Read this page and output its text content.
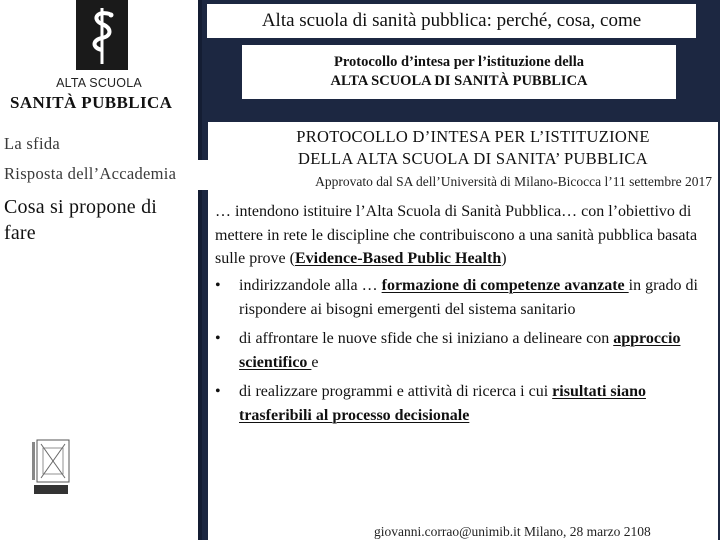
ALTA SCUOLA
SANITÀ PUBBLICA
Alta scuola di sanità pubblica: perché, cosa, come
Protocollo d’intesa per l’istituzione della
ALTA SCUOLA DI SANITÀ PUBBLICA
PROTOCOLLO D’INTESA PER L’ISTITUZIONE
DELLA ALTA SCUOLA DI SANITA’ PUBBLICA
Approvato dal SA dell’Università di Milano-Bicocca l’11 settembre 2017
… intendono istituire l’Alta Scuola di Sanità Pubblica… con l’obiettivo di mettere in rete le discipline che contribuiscono a una sanità pubblica basata sulle prove (Evidence-Based Public Health)
• indirizzandole alla … formazione di competenze avanzate in grado di rispondere ai bisogni emergenti del sistema sanitario
• di affrontare le nuove sfide che si iniziano a delineare con approccio scientifico e
• di realizzare programmi e attività di ricerca i cui risultati siano trasferibili al processo decisionale
giovanni.corrao@unimib.it Milano, 28 marzo 2108
La sfida
Risposta dell’Accademia
Cosa si propone di fare
